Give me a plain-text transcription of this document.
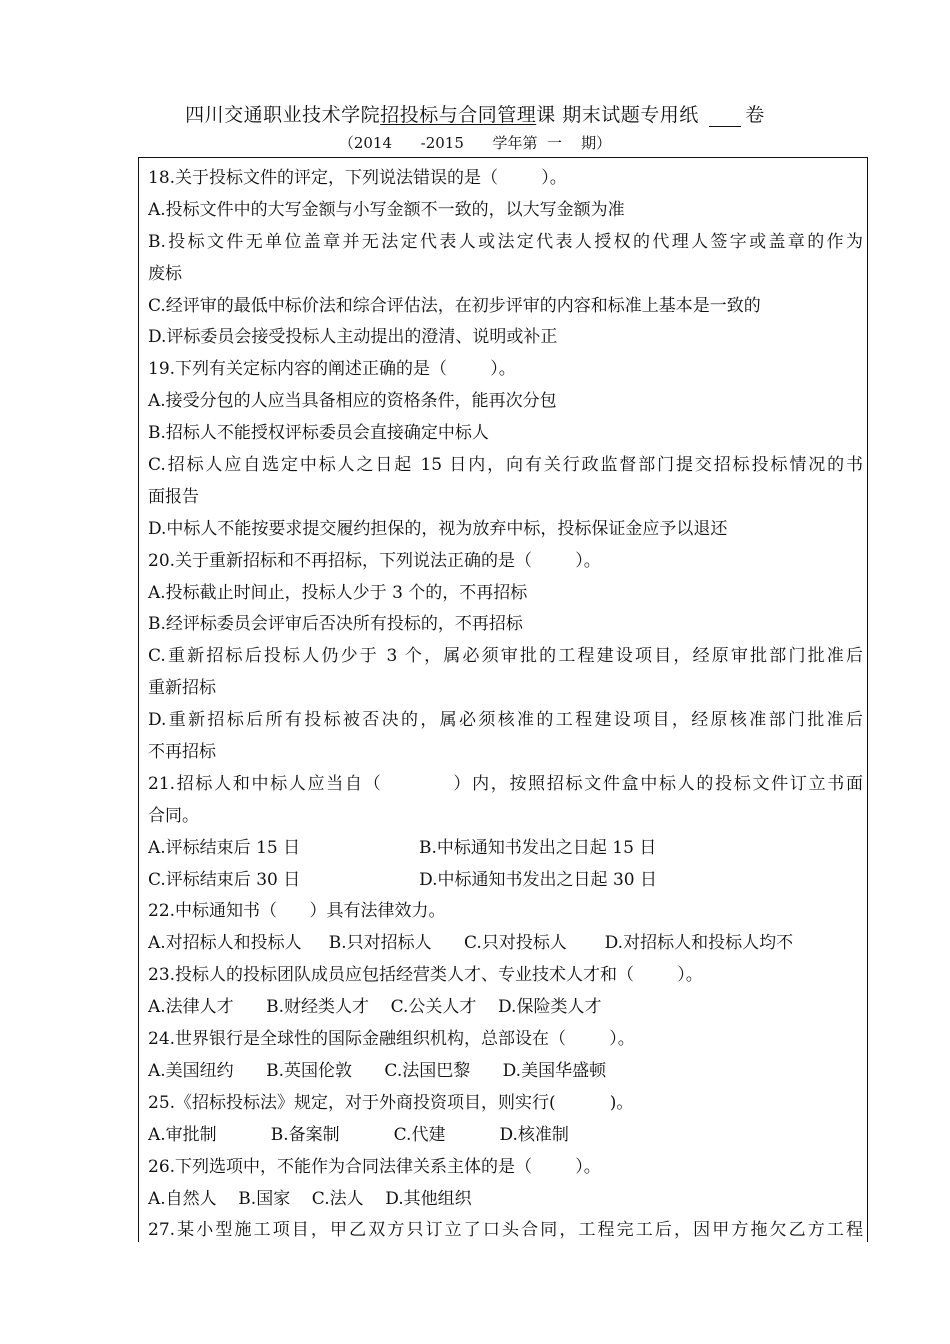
四川交通职业技术学院招投标与合同管理课 期末试题专用纸 卷
（2014 -2015 学年第  一 期）
18.关于投标文件的评定，下列说法错误的是（        ）。
A.投标文件中的大写金额与小写金额不一致的，以大写金额为准
B.投标文件无单位盖章并无法定代表人或法定代表人授权的代理人签字或盖章的作为
废标
C.经评审的最低中标价法和综合评估法，在初步评审的内容和标准上基本是一致的
D.评标委员会接受投标人主动提出的澄清、说明或补正
19.下列有关定标内容的阐述正确的是（        ）。
A.接受分包的人应当具备相应的资格条件，能再次分包
B.招标人不能授权评标委员会直接确定中标人
C.招标人应自选定中标人之日起 15 日内，向有关行政监督部门提交招标投标情况的书
面报告
D.中标人不能按要求提交履约担保的，视为放弃中标，投标保证金应予以退还
20.关于重新招标和不再招标，下列说法正确的是（        ）。
A.投标截止时间止，投标人少于 3 个的，不再招标
B.经评标委员会评审后否决所有投标的，不再招标
C.重新招标后投标人仍少于 3 个，属必须审批的工程建设项目，经原审批部门批准后
重新招标
D.重新招标后所有投标被否决的，属必须核准的工程建设项目，经原核准部门批准后
不再招标
21.招标人和中标人应当自（          ）内，按照招标文件盒中标人的投标文件订立书面
合同。
A.评标结束后 15 日                      B.中标通知书发出之日起 15 日
C.评标结束后 30 日                      D.中标通知书发出之日起 30 日
22.中标通知书（      ）具有法律效力。
A.对招标人和投标人     B.只对招标人      C.只对投标人       D.对招标人和投标人均不
23.投标人的投标团队成员应包括经营类人才、专业技术人才和（        ）。
A.法律人才      B.财经类人才    C.公关人才    D.保险类人才
24.世界银行是全球性的国际金融组织机构，总部设在（        ）。
A.美国纽约      B.英国伦敦      C.法国巴黎      D.美国华盛顿
25.《招标投标法》规定，对于外商投资项目，则实行(          )。
A.审批制          B.备案制          C.代建          D.核准制
26.下列选项中，不能作为合同法律关系主体的是（        ）。
A.自然人    B.国家    C.法人    D.其他组织
27.某小型施工项目，甲乙双方只订立了口头合同，工程完工后，因甲方拖欠乙方工程
